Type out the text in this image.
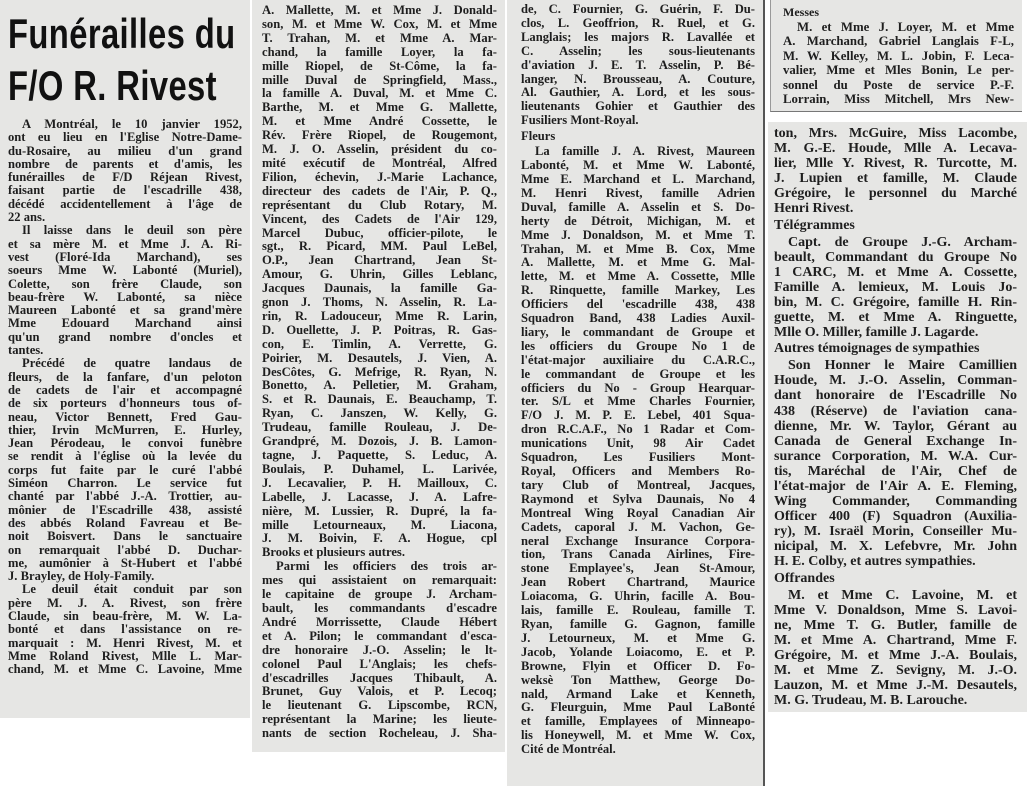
Funérailles du
F/O R. Rivest
A Montréal, le 10 janvier 1952,
ont eu lieu en l'Eglise Notre-Dame-
du-Rosaire, au milieu d'un grand
nombre de parents et d'amis, les
funérailles de F/D Réjean Rivest,
faisant partie de l'escadrille 438,
décédé accidentellement à l'âge de
22 ans.
Il laisse dans le deuil son père
et sa mère M. et Mme J. A. Ri-
vest (Floré-Ida Marchand), ses
soeurs Mme W. Labonté (Muriel),
Colette, son frère Claude, son
beau-frère W. Labonté, sa nièce
Maureen Labonté et sa grand'mère
Mme Edouard Marchand ainsi
qu'un grand nombre d'oncles et
tantes.
Précédé de quatre landaus de
fleurs, de la fanfare, d'un peloton
de cadets de l'air et accompagné
de six porteurs d'honneurs tous of-
neau, Victor Bennett, Fred Gau-
thier, Irvin McMurren, E. Hurley,
Jean Pérodeau, le convoi funèbre
se rendit à l'église où la levée du
corps fut faite par le curé l'abbé
Siméon Charron. Le service fut
chanté par l'abbé J.-A. Trottier, au-
mônier de l'Escadrille 438, assisté
des abbés Roland Favreau et Be-
noit Boisvert. Dans le sanctuaire
on remarquait l'abbé D. Duchar-
me, aumônier à St-Hubert et l'abbé
J. Brayley, de Holy-Family.
Le deuil était conduit par son
père M. J. A. Rivest, son frère
Claude, sin beau-frère, M. W. La-
bonté et dans l'assistance on re-
marquait : M. Henri Rivest, M. et
Mme Roland Rivest, Mlle L. Mar-
chand, M. et Mme C. Lavoine, Mme
A. Mallette, M. et Mme J. Donald-
son, M. et Mme W. Cox, M. et Mme
T. Trahan, M. et Mme A. Mar-
chand, la famille Loyer, la fa-
mille Riopel, de St-Côme, la fa-
mille Duval de Springfield, Mass.,
la famille A. Duval, M. et Mme C.
Barthe, M. et Mme G. Mallette,
M. et Mme André Cossette, le
Rév. Frère Riopel, de Rougemont,
M. J. O. Asselin, président du co-
mité exécutif de Montréal, Alfred
Filion, échevin, J.-Marie Lachance,
directeur des cadets de l'Air, P. Q.,
représentant du Club Rotary, M.
Vincent, des Cadets de l'Air 129,
Marcel Dubuc, officier-pilote, le
sgt., R. Picard, MM. Paul LeBel,
O.P., Jean Chartrand, Jean St-
Amour, G. Uhrin, Gilles Leblanc,
Jacques Daunais, la famille Ga-
gnon J. Thoms, N. Asselin, R. La-
rin, R. Ladouceur, Mme R. Larin,
D. Ouellette, J. P. Poitras, R. Gas-
con, E. Timlin, A. Verrette, G.
Poirier, M. Desautels, J. Vien, A.
DesCôtes, G. Mefrige, R. Ryan, N.
Bonetto, A. Pelletier, M. Graham,
S. et R. Daunais, E. Beauchamp, T.
Ryan, C. Janszen, W. Kelly, G.
Trudeau, famille Rouleau, J. De-
Grandpré, M. Dozois, J. B. Lamon-
tagne, J. Paquette, S. Leduc, A.
Boulais, P. Duhamel, L. Larivée,
J. Lecavalier, P. H. Mailloux, C.
Labelle, J. Lacasse, J. A. Lafre-
nière, M. Lussier, R. Dupré, la fa-
mille Letourneaux, M. Liacona,
J. M. Boivin, F. A. Hogue, cpl
Brooks et plusieurs autres.
Parmi les officiers des trois ar-
mes qui assistaient on remarquait:
le capitaine de groupe J. Archam-
bault, les commandants d'escadre
André Morrissette, Claude Hébert
et A. Pilon; le commandant d'esca-
dre honoraire J.-O. Asselin; le lt-
colonel Paul L'Anglais; les chefs-
d'escadrilles Jacques Thibault, A.
Brunet, Guy Valois, et P. Lecoq;
le lieutenant G. Lipscombe, RCN,
représentant la Marine; les lieute-
nants de section Rocheleau, J. Sha-
de, C. Fournier, G. Guérin, F. Du-
clos, L. Geoffrion, R. Ruel, et G.
Langlais; les majors R. Lavallée et
C. Asselin; les sous-lieutenants
d'aviation J. E. T. Asselin, P. Bé-
langer, N. Brousseau, A. Couture,
Al. Gauthier, A. Lord, et les sous-
lieutenants Gohier et Gauthier des
Fusiliers Mont-Royal.
Fleurs
La famille J. A. Rivest, Maureen
Labonté, M. et Mme W. Labonté,
Mme E. Marchand et L. Marchand,
M. Henri Rivest, famille Adrien
Duval, famille A. Asselin et S. Do-
herty de Détroit, Michigan, M. et
Mme J. Donaldson, M. et Mme T.
Trahan, M. et Mme B. Cox, Mme
A. Mallette, M. et Mme G. Mal-
lette, M. et Mme A. Cossette, Mlle
R. Rinquette, famille Markey, Les
Officiers del 'escadrille 438, 438
Squadron Band, 438 Ladies Auxil-
liary, le commandant de Groupe et
les officiers du Groupe No 1 de
l'état-major auxiliaire du C.A.R.C.,
le commandant de Groupe et les
officiers du No - Group Hearquar-
ter. S/L et Mme Charles Fournier,
F/O J. M. P. E. Lebel, 401 Squa-
dron R.C.A.F., No 1 Radar et Com-
munications Unit, 98 Air Cadet
Squadron, Les Fusiliers Mont-
Royal, Officers and Members Ro-
tary Club of Montreal, Jacques,
Raymond et Sylva Daunais, No 4
Montreal Wing Royal Canadian Air
Cadets, caporal J. M. Vachon, Ge-
neral Exchange Insurance Corpora-
tion, Trans Canada Airlines, Fire-
stone Emplayee's, Jean St-Amour,
Jean Robert Chartrand, Maurice
Loiacoma, G. Uhrin, facille A. Bou-
lais, famille E. Rouleau, famille T.
Ryan, famille G. Gagnon, famille
J. Letourneux, M. et Mme G.
Jacob, Yolande Loiacomo, E. et P.
Browne, Flyin et Officer D. Fo-
weksè Ton Matthew, George Do-
nald, Armand Lake et Kenneth,
G. Fleurguin, Mme Paul LaBonté
et famille, Emplayees of Minneapo-
lis Honeywell, M. et Mme W. Cox,
Cité de Montréal.
Messes
M. et Mme J. Loyer, M. et Mme
A. Marchand, Gabriel Langlais F-L,
M. W. Kelley, M. L. Jobin, F. Leca-
valier, Mme et Mles Bonin, Le per-
sonnel du Poste de service P.-F.
Lorrain, Miss Mitchell, Mrs New-
ton, Mrs. McGuire, Miss Lacombe,
M. G.-E. Houde, Mlle A. Lecava-
lier, Mlle Y. Rivest, R. Turcotte, M.
J. Lupien et famille, M. Claude
Grégoire, le personnel du Marché
Henri Rivest.
Télégrammes
Capt. de Groupe J.-G. Archam-
beault, Commandant du Groupe No
1 CARC, M. et Mme A. Cossette,
Famille A. lemieux, M. Louis Jo-
bin, M. C. Grégoire, famille H. Rin-
guette, M. et Mme A. Ringuette,
Mlle O. Miller, famille J. Lagarde.
Autres témoignages de sympathies
Son Honner le Maire Camillien
Houde, M. J.-O. Asselin, Comman-
dant honoraire de l'Escadrille No
438 (Réserve) de l'aviation cana-
dienne, Mr. W. Taylor, Gérant au
Canada de General Exchange In-
surance Corporation, M. W.A. Cur-
tis, Maréchal de l'Air, Chef de
l'état-major de l'Air A. E. Fleming,
Wing Commander, Commanding
Officer 400 (F) Squadron (Auxilia-
ry), M. Israël Morin, Conseiller Mu-
nicipal, M. X. Lefebvre, Mr. John
H. E. Colby, et autres sympathies.
Offrandes
M. et Mme C. Lavoine, M. et
Mme V. Donaldson, Mme S. Lavoi-
ne, Mme T. G. Butler, famille de
M. et Mme A. Chartrand, Mme F.
Grégoire, M. et Mme J.-A. Boulais,
M. et Mme Z. Sevigny, M. J.-O.
Lauzon, M. et Mme J.-M. Desautels,
M. G. Trudeau, M. B. Larouche.
